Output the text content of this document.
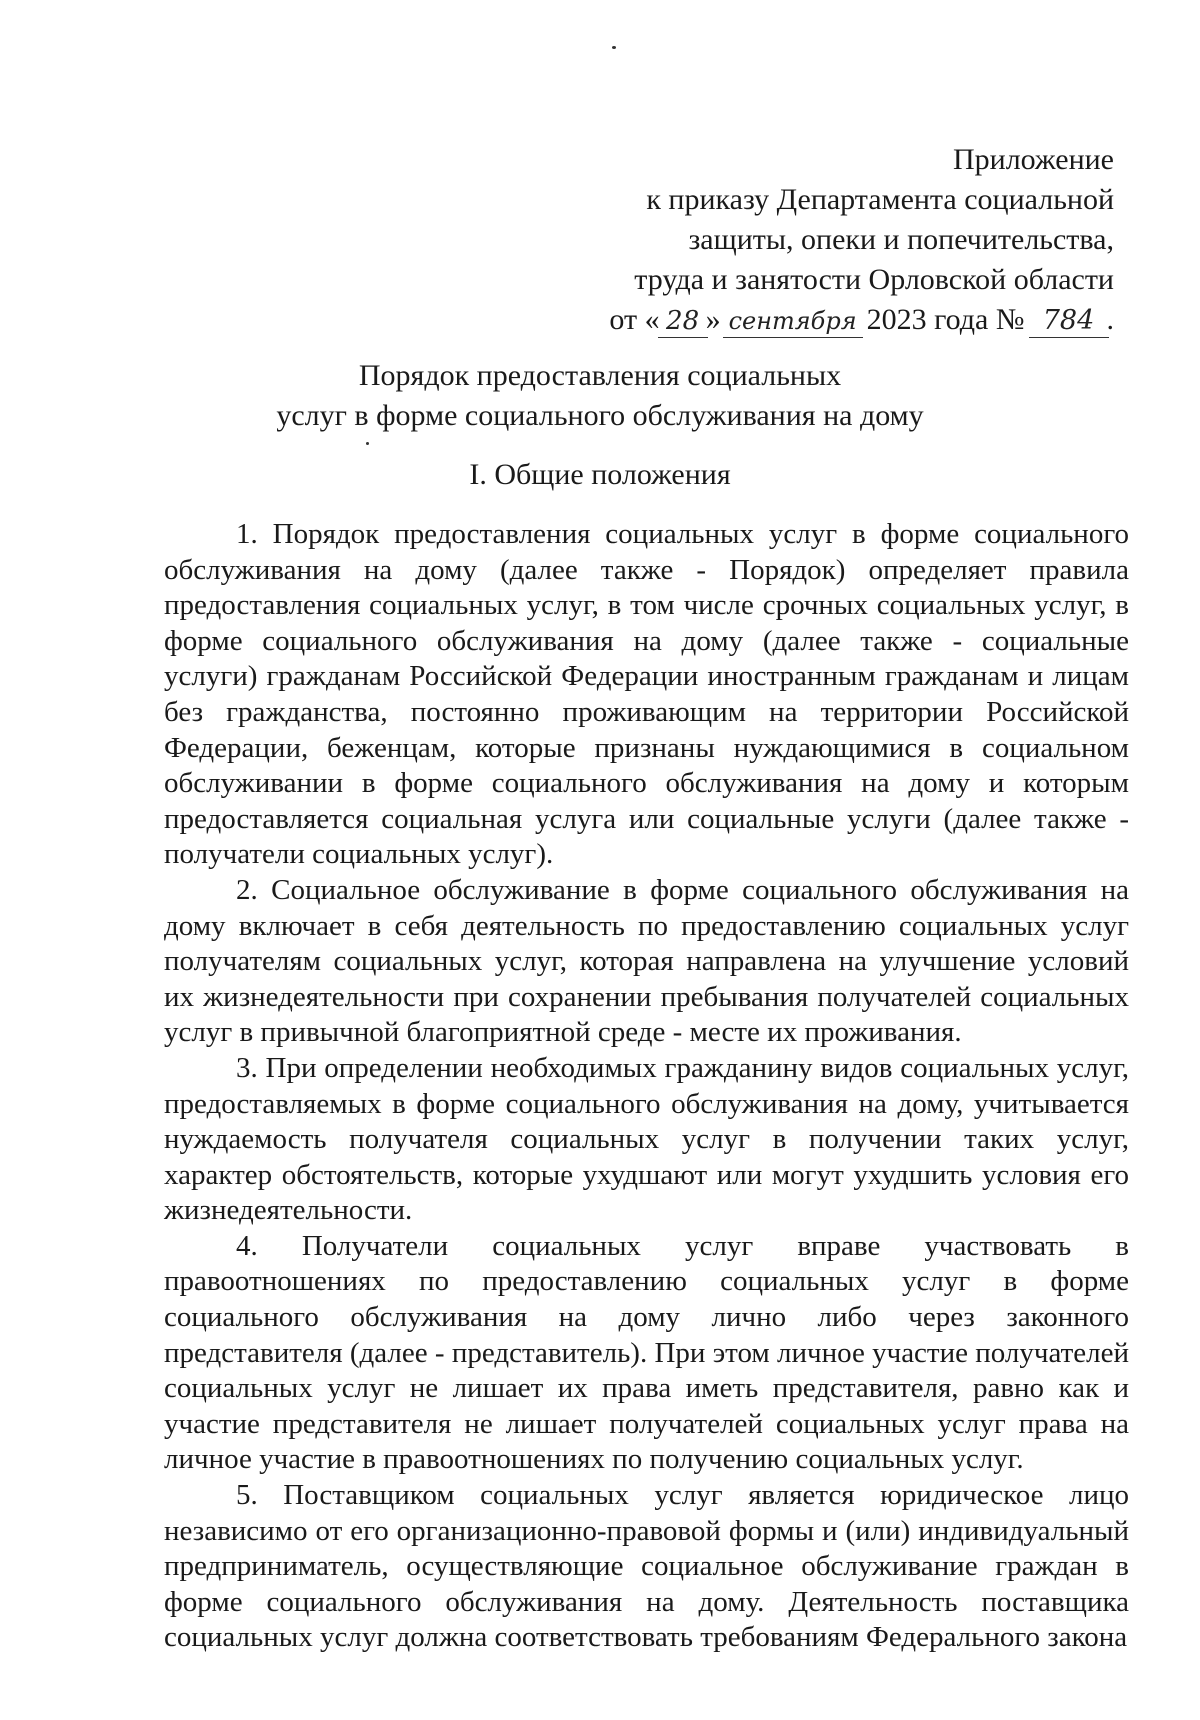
Приложение
к приказу Департамента социальной
защиты, опеки и попечительства,
труда и занятости Орловской области
от « 28 » сентября 2023 года № 784 .
Порядок предоставления социальных
услуг в форме социального обслуживания на дому
I. Общие положения

1. Порядок предоставления социальных услуг в форме социального обслуживания на дому (далее также - Порядок) определяет правила предоставления социальных услуг, в том числе срочных социальных услуг, в форме социального обслуживания на дому (далее также - социальные услуги) гражданам Российской Федерации иностранным гражданам и лицам без гражданства, постоянно проживающим на территории Российской Федерации, беженцам, которые признаны нуждающимися в социальном обслуживании в форме социального обслуживания на дому и которым предоставляется социальная услуга или социальные услуги (далее также - получатели социальных услуг).

2. Социальное обслуживание в форме социального обслуживания на дому включает в себя деятельность по предоставлению социальных услуг получателям социальных услуг, которая направлена на улучшение условий их жизнедеятельности при сохранении пребывания получателей социальных услуг в привычной благоприятной среде - месте их проживания.

3. При определении необходимых гражданину видов социальных услуг, предоставляемых в форме социального обслуживания на дому, учитывается нуждаемость получателя социальных услуг в получении таких услуг, характер обстоятельств, которые ухудшают или могут ухудшить условия его жизнедеятельности.

4. Получатели социальных услуг вправе участвовать в правоотношениях по предоставлению социальных услуг в форме социального обслуживания на дому лично либо через законного представителя (далее - представитель). При этом личное участие получателей социальных услуг не лишает их права иметь представителя, равно как и участие представителя не лишает получателей социальных услуг права на личное участие в правоотношениях по получению социальных услуг.

5. Поставщиком социальных услуг является юридическое лицо независимо от его организационно-правовой формы и (или) индивидуальный предприниматель, осуществляющие социальное обслуживание граждан в форме социального обслуживания на дому. Деятельность поставщика социальных услуг должна соответствовать требованиям Федерального закона
